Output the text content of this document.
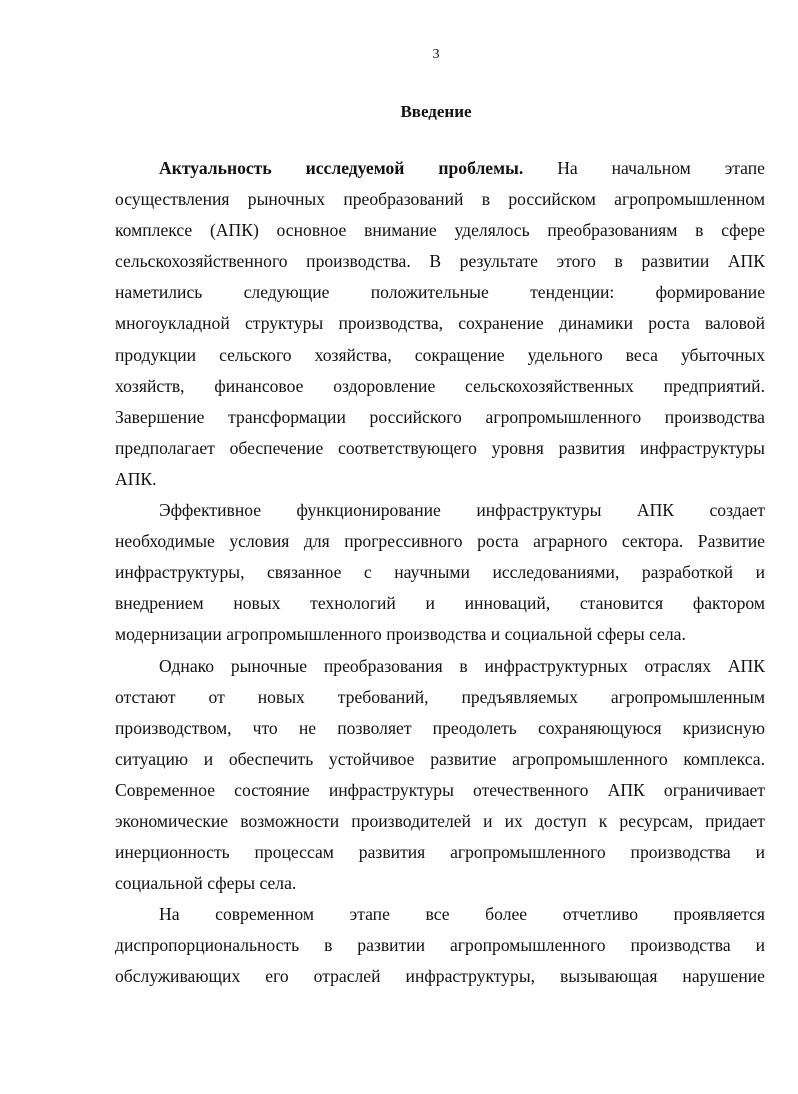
3
Введение
Актуальность исследуемой проблемы. На начальном этапе
осуществления рыночных преобразований в российском агропромышленном
комплексе (АПК) основное внимание уделялось преобразованиям в сфере
сельскохозяйственного производства. В результате этого в развитии АПК
наметились следующие положительные тенденции: формирование
многоукладной структуры производства, сохранение динамики роста валовой
продукции сельского хозяйства, сокращение удельного веса убыточных
хозяйств, финансовое оздоровление сельскохозяйственных предприятий.
Завершение трансформации российского агропромышленного производства
предполагает обеспечение соответствующего уровня развития инфраструктуры
АПК.
Эффективное функционирование инфраструктуры АПК создает
необходимые условия для прогрессивного роста аграрного сектора. Развитие
инфраструктуры, связанное с научными исследованиями, разработкой и
внедрением новых технологий и инноваций, становится фактором
модернизации агропромышленного производства и социальной сферы села.
Однако рыночные преобразования в инфраструктурных отраслях АПК
отстают от новых требований, предъявляемых агропромышленным
производством, что не позволяет преодолеть сохраняющуюся кризисную
ситуацию и обеспечить устойчивое развитие агропромышленного комплекса.
Современное состояние инфраструктуры отечественного АПК ограничивает
экономические возможности производителей и их доступ к ресурсам, придает
инерционность процессам развития агропромышленного производства и
социальной сферы села.
На современном этапе все более отчетливо проявляется
диспропорциональность в развитии агропромышленного производства и
обслуживающих его отраслей инфраструктуры, вызывающая нарушение
